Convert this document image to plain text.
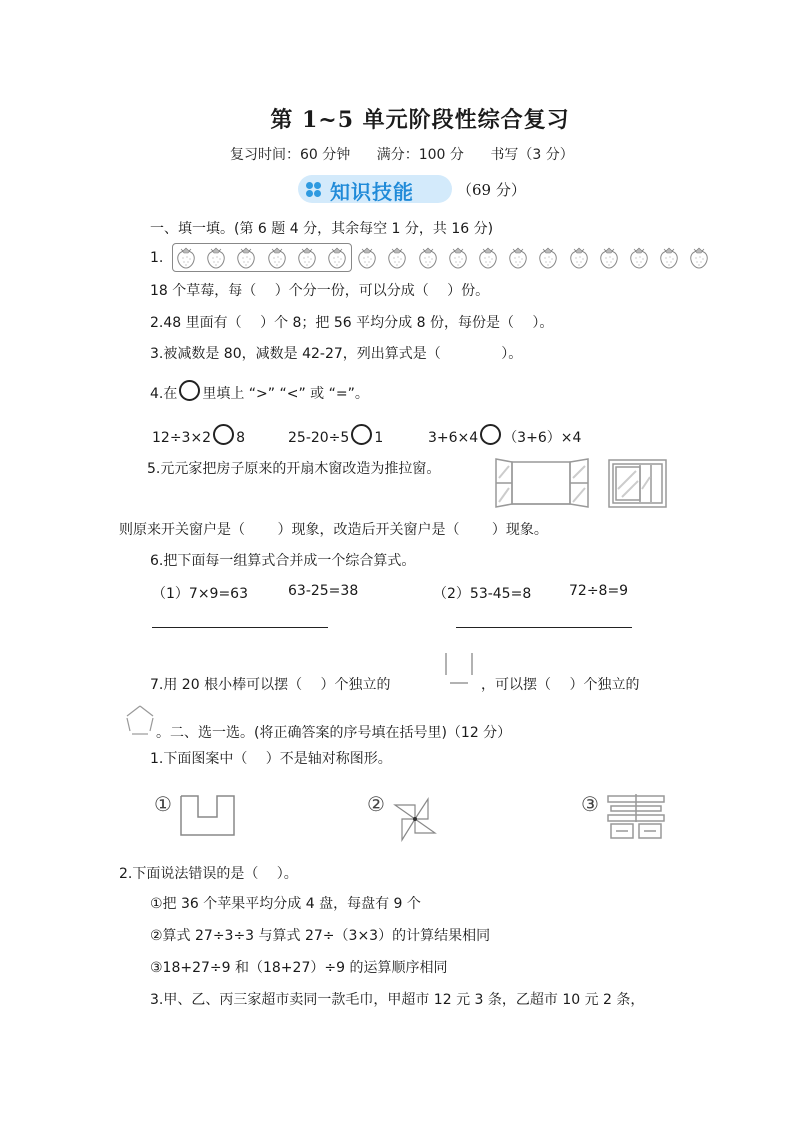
第 1~5 单元阶段性综合复习
复习时间：60 分钟 满分：100 分 书写（3 分）
知识技能	（69 分）
一、填一填。(第 6 题 4 分，其余每空 1 分，共 16 分)
1.
18 个草莓，每（　 ）个分一份，可以分成（　 ）份。
2.48 里面有（　 ）个 8；把 56 平均分成 8 份，每份是（　 ）。
3.被减数是 80，减数是 42-27，列出算式是（　　　　 ）。
4.在 里填上 “>” “<” 或 “=”。
12÷3×2 8	25-20÷5 1	3+6×4 （3+6）×4
5.元元家把房子原来的开扇木窗改造为推拉窗。
则原来开关窗户是（　 　）现象，改造后开关窗户是（　 　）现象。
6.把下面每一组算式合并成一个综合算式。
（1）7×9=63	63-25=38	（2）53-45=8	72÷8=9
7.用 20 根小棒可以摆（　 ）个独立的	，可以摆（　 ）个独立的
。二、选一选。(将正确答案的序号填在括号里)（12 分）
1.下面图案中（　 ）不是轴对称图形。
①	②	③
2.下面说法错误的是（　 ）。
①把 36 个苹果平均分成 4 盘，每盘有 9 个
②算式 27÷3÷3 与算式 27÷（3×3）的计算结果相同
③18+27÷9 和（18+27）÷9 的运算顺序相同
3.甲、乙、丙三家超市卖同一款毛巾，甲超市 12 元 3 条，乙超市 10 元 2 条，
